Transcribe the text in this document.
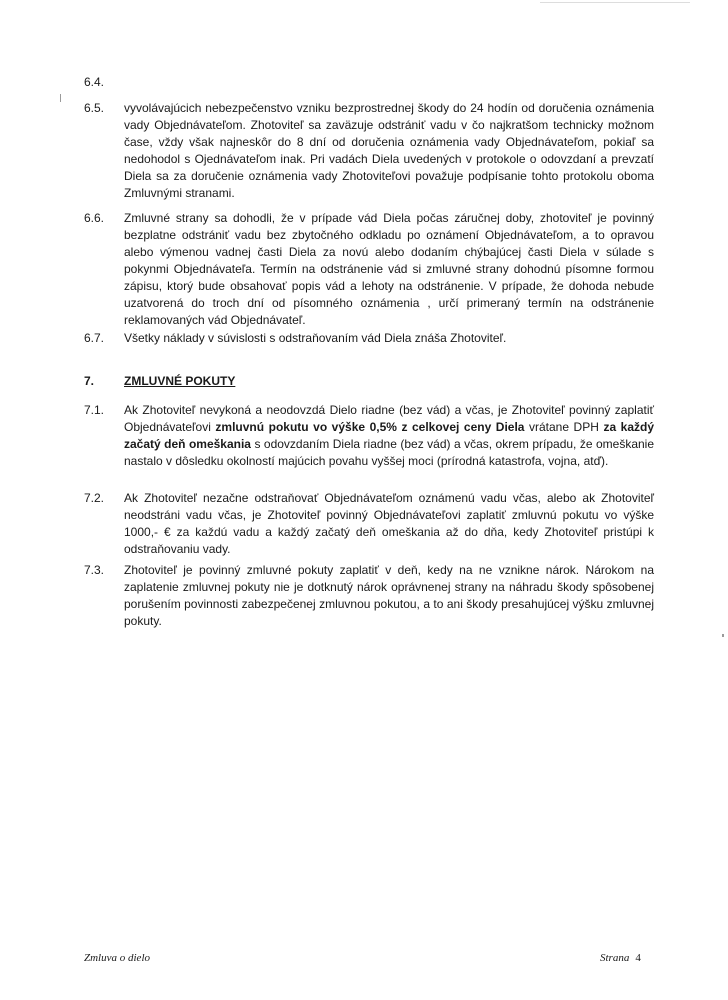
6.4.
6.5. vyvolávajúcich nebezpečenstvo vzniku bezprostrednej škody do 24 hodín od doručenia oznámenia vady Objednávateľom. Zhotoviteľ sa zaväzuje odstrániť vadu v čo najkratšom technicky možnom čase, vždy však najneskôr do 8 dní od doručenia oznámenia vady Objednávateľom, pokiaľ sa nedohodol s Ojednávateľom inak. Pri vadách Diela uvedených v protokole o odovzdaní a prevzatí Diela sa za doručenie oznámenia vady Zhotoviteľovi považuje podpísanie tohto protokolu oboma Zmluvnými stranami.
6.6. Zmluvné strany sa dohodli, že v prípade vád Diela počas záručnej doby, zhotoviteľ je povinný bezplatne odstrániť vadu bez zbytočného odkladu po oznámení Objednávateľom, a to opravou alebo výmenou vadnej časti Diela za novú alebo dodaním chýbajúcej časti Diela v súlade s pokynmi Objednávateľa. Termín na odstránenie vád si zmluvné strany dohodnú písomne formou zápisu, ktorý bude obsahovať popis vád a lehoty na odstránenie. V prípade, že dohoda nebude uzatvorená do troch dní od písomného oznámenia , určí primeraný termín na odstránenie reklamovaných vád Objednávateľ.
6.7. Všetky náklady v súvislosti s odstraňovaním vád Diela znáša Zhotoviteľ.
7. ZMLUVNÉ POKUTY
7.1. Ak Zhotoviteľ nevykoná a neodovzdá Dielo riadne (bez vád) a včas, je Zhotoviteľ povinný zaplatiť Objednávateľovi zmluvnú pokutu vo výške 0,5% z celkovej ceny Diela vrátane DPH za každý začatý deň omeškania s odovzdaním Diela riadne (bez vád) a včas, okrem prípadu, že omeškanie nastalo v dôsledku okolností majúcich povahu vyššej moci (prírodná katastrofa, vojna, atď).
7.2. Ak Zhotoviteľ nezačne odstraňovať Objednávateľom oznámenú vadu včas, alebo ak Zhotoviteľ neodstráni vadu včas, je Zhotoviteľ povinný Objednávateľovi zaplatiť zmluvnú pokutu vo výške 1000,- € za každú vadu a každý začatý deň omeškania až do dňa, kedy Zhotoviteľ pristúpi k odstraňovaniu vady.
7.3. Zhotoviteľ je povinný zmluvné pokuty zaplatiť v deň, kedy na ne vznikne nárok. Nárokom na zaplatenie zmluvnej pokuty nie je dotknutý nárok oprávnenej strany na náhradu škody spôsobenej porušením povinnosti zabezpečenej zmluvnou pokutou, a to ani škody presahujúcej výšku zmluvnej pokuty.
Zmluva o dielo	Strana 4
